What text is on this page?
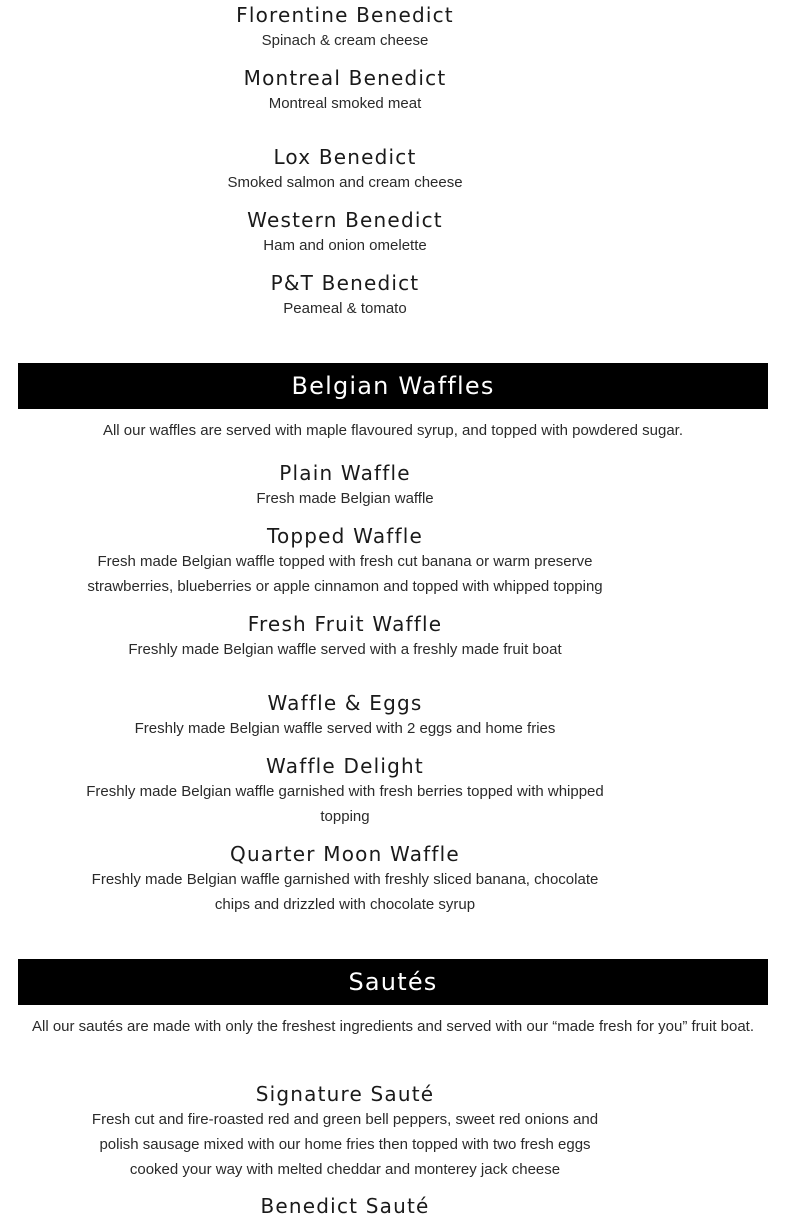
Florentine Benedict
Spinach & cream cheese
Montreal Benedict
Montreal smoked meat
Lox Benedict
Smoked salmon and cream cheese
Western Benedict
Ham and onion omelette
P&T Benedict
Peameal & tomato
Belgian Waffles
All our waffles are served with maple flavoured syrup, and topped with powdered sugar.
Plain Waffle
Fresh made Belgian waffle
Topped Waffle
Fresh made Belgian waffle topped with fresh cut banana or warm preserve strawberries, blueberries or apple cinnamon and topped with whipped topping
Fresh Fruit Waffle
Freshly made Belgian waffle served with a freshly made fruit boat
Waffle & Eggs
Freshly made Belgian waffle served with 2 eggs and home fries
Waffle Delight
Freshly made Belgian waffle garnished with fresh berries topped with whipped topping
Quarter Moon Waffle
Freshly made Belgian waffle garnished with freshly sliced banana, chocolate chips and drizzled with chocolate syrup
Sautés
All our sautés are made with only the freshest ingredients and served with our “made fresh for you” fruit boat.
Signature Sauté
Fresh cut and fire-roasted red and green bell peppers, sweet red onions and polish sausage mixed with our home fries then topped with two fresh eggs cooked your way with melted cheddar and monterey jack cheese
Benedict Sauté
